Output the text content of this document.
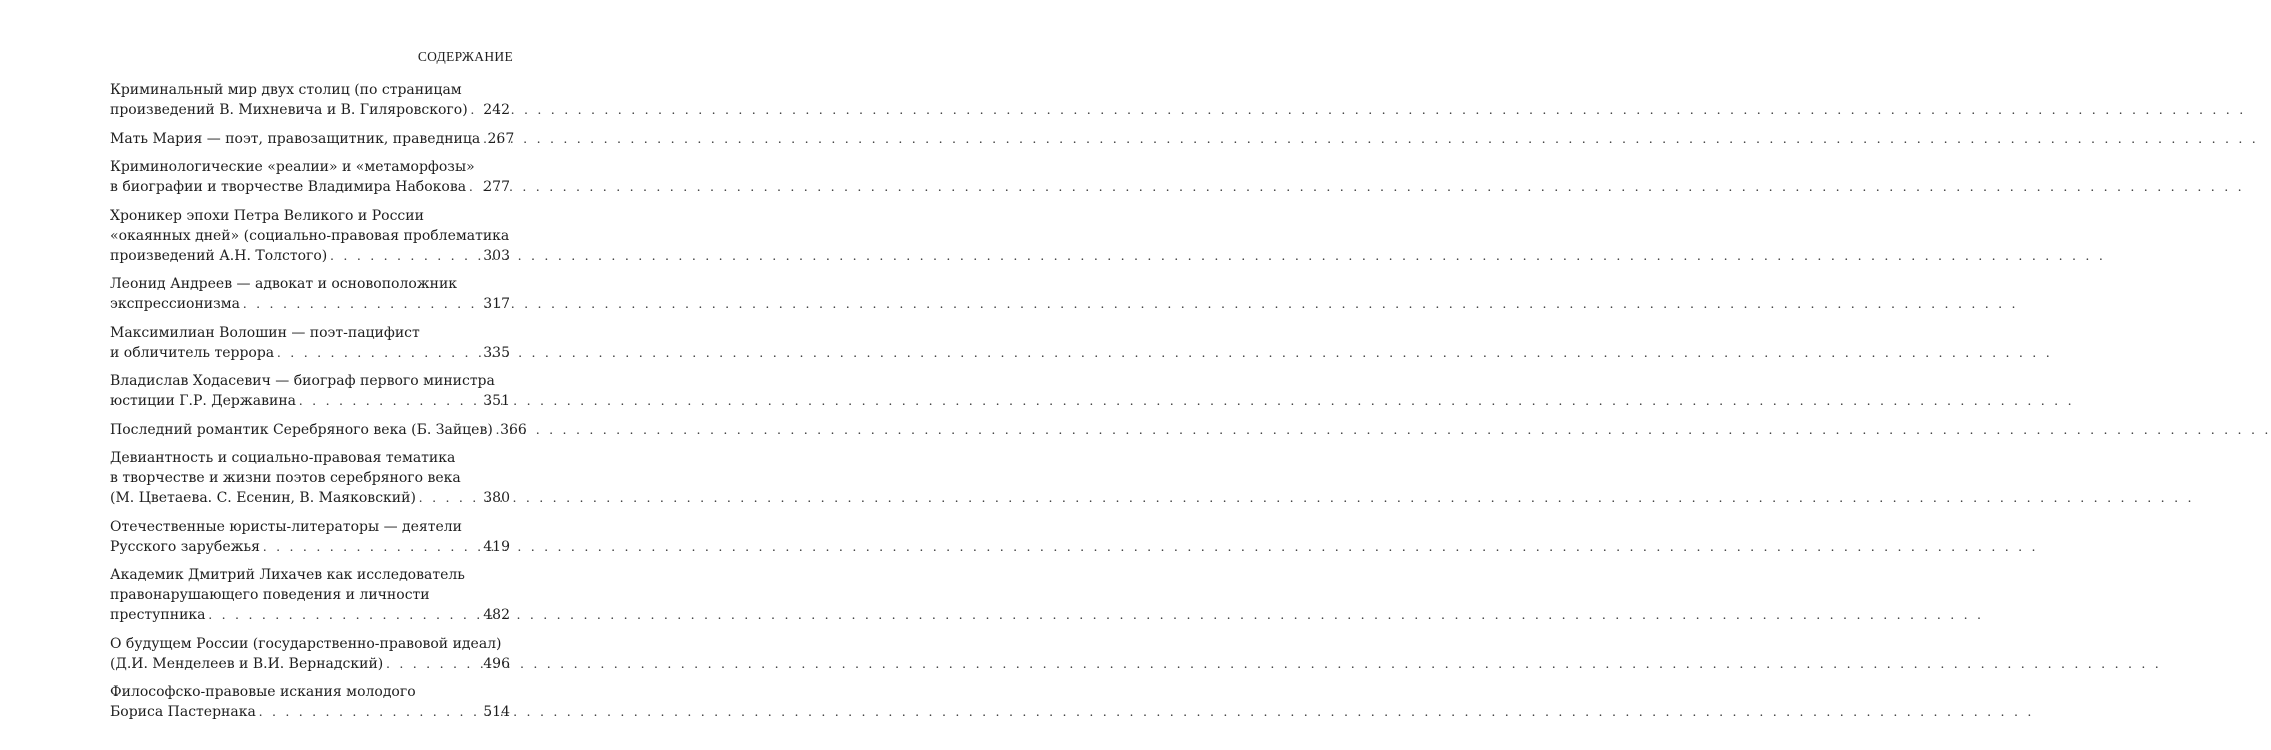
СОДЕРЖАНИЕ
Криминальный мир двух столиц (по страницам
произведений В. Михневича и В. Гиляровского) . . . 242
Мать Мария — поэт, правозащитник, праведница . . . 267
Криминологические «реалии» и «метаморфозы»
в биографии и творчестве Владимира Набокова . . . 277
Хроникер эпохи Петра Великого и России
«окаянных дней» (социально-правовая проблематика
произведений А.Н. Толстого) . . .	303
Леонид Андреев — адвокат и основоположник
экспрессионизма . . .	317
Максимилиан Волошин — поэт-пацифист
и обличитель террора . . .	335
Владислав Ходасевич — биограф первого министра
юстиции Г.Р. Державина . . .	351
Последний романтик Серебряного века (Б. Зайцев) . . . 366
Девиантность и социально-правовая тематика
в творчестве и жизни поэтов серебряного века
(М. Цветаева. С. Есенин, В. Маяковский) . . .	380
Отечественные юристы-литераторы — деятели
Русского зарубежья . . .	419
Академик Дмитрий Лихачев как исследователь
правонарушающего поведения и личности
преступника . . .	482
О будущем России (государственно-правовой идеал)
(Д.И. Менделеев и В.И. Вернадский) . . .	496
Философско-правовые искания молодого
Бориса Пастернака . . .	514
